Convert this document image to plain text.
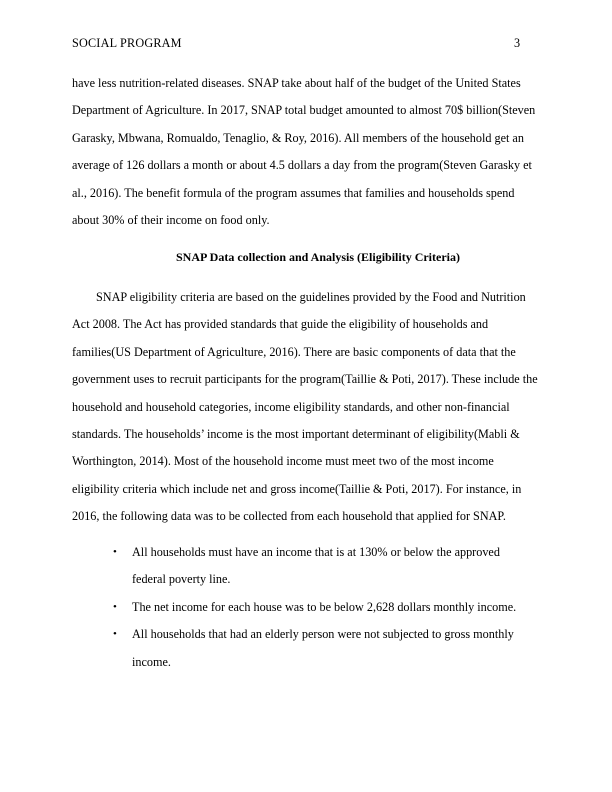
SOCIAL PROGRAM	3
have less nutrition-related diseases. SNAP take about half of the budget of the United States Department of Agriculture. In 2017, SNAP total budget amounted to almost 70$ billion(Steven Garasky, Mbwana, Romualdo, Tenaglio, & Roy, 2016). All members of the household get an average of 126 dollars a month or about 4.5 dollars a day from the program(Steven Garasky et al., 2016). The benefit formula of the program assumes that families and households spend about 30% of their income on food only.
SNAP Data collection and Analysis (Eligibility Criteria)
SNAP eligibility criteria are based on the guidelines provided by the Food and Nutrition Act 2008. The Act has provided standards that guide the eligibility of households and families(US Department of Agriculture, 2016). There are basic components of data that the government uses to recruit participants for the program(Taillie & Poti, 2017). These include the household and household categories, income eligibility standards, and other non-financial standards. The households’ income is the most important determinant of eligibility(Mabli & Worthington, 2014). Most of the household income must meet two of the most income eligibility criteria which include net and gross income(Taillie & Poti, 2017). For instance, in 2016, the following data was to be collected from each household that applied for SNAP.
• All households must have an income that is at 130% or below the approved federal poverty line.
• The net income for each house was to be below 2,628 dollars monthly income.
• All households that had an elderly person were not subjected to gross monthly income.
